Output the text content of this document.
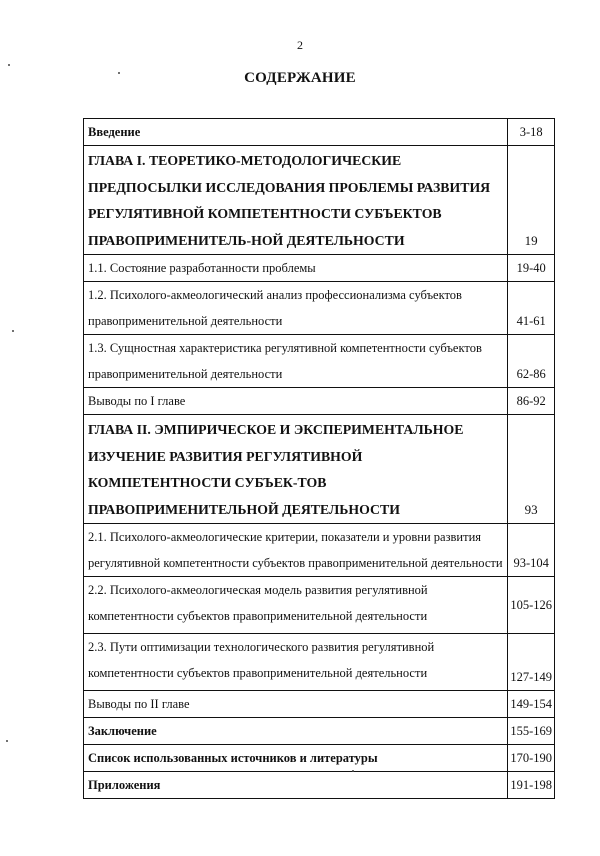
2
СОДЕРЖАНИЕ
Введение	3-18
ГЛАВА I. ТЕОРЕТИКО-МЕТОДОЛОГИЧЕСКИЕ ПРЕДПОСЫЛКИ ИССЛЕДОВАНИЯ ПРОБЛЕМЫ РАЗВИТИЯ РЕГУЛЯТИВНОЙ КОМПЕТЕНТНОСТИ СУБЪЕКТОВ ПРАВОПРИМЕНИТЕЛЬ-НОЙ ДЕЯТЕЛЬНОСТИ	19
1.1. Состояние разработанности проблемы	19-40
1.2. Психолого-акмеологический анализ профессионализма субъектов правоприменительной деятельности	41-61
1.3. Сущностная характеристика регулятивной компетентности субъектов правоприменительной деятельности	62-86
Выводы по I главе	86-92
ГЛАВА II. ЭМПИРИЧЕСКОЕ И ЭКСПЕРИМЕНТАЛЬНОЕ ИЗУЧЕНИЕ РАЗВИТИЯ РЕГУЛЯТИВНОЙ КОМПЕТЕНТНОСТИ СУБЪЕК-ТОВ ПРАВОПРИМЕНИТЕЛЬНОЙ ДЕЯТЕЛЬНОСТИ	93
2.1. Психолого-акмеологические критерии, показатели и уровни развития регулятивной компетентности субъектов правоприменительной деятельности	93-104
2.2. Психолого-акмеологическая модель развития регулятивной компетентности субъектов правоприменительной деятельности	105-126
2.3. Пути оптимизации технологического развития регулятивной компетентности субъектов правоприменительной деятельности	127-149
Выводы по II главе	149-154
Заключение	155-169
Список использованных источников и литературы	170-190
Приложения	191-198
